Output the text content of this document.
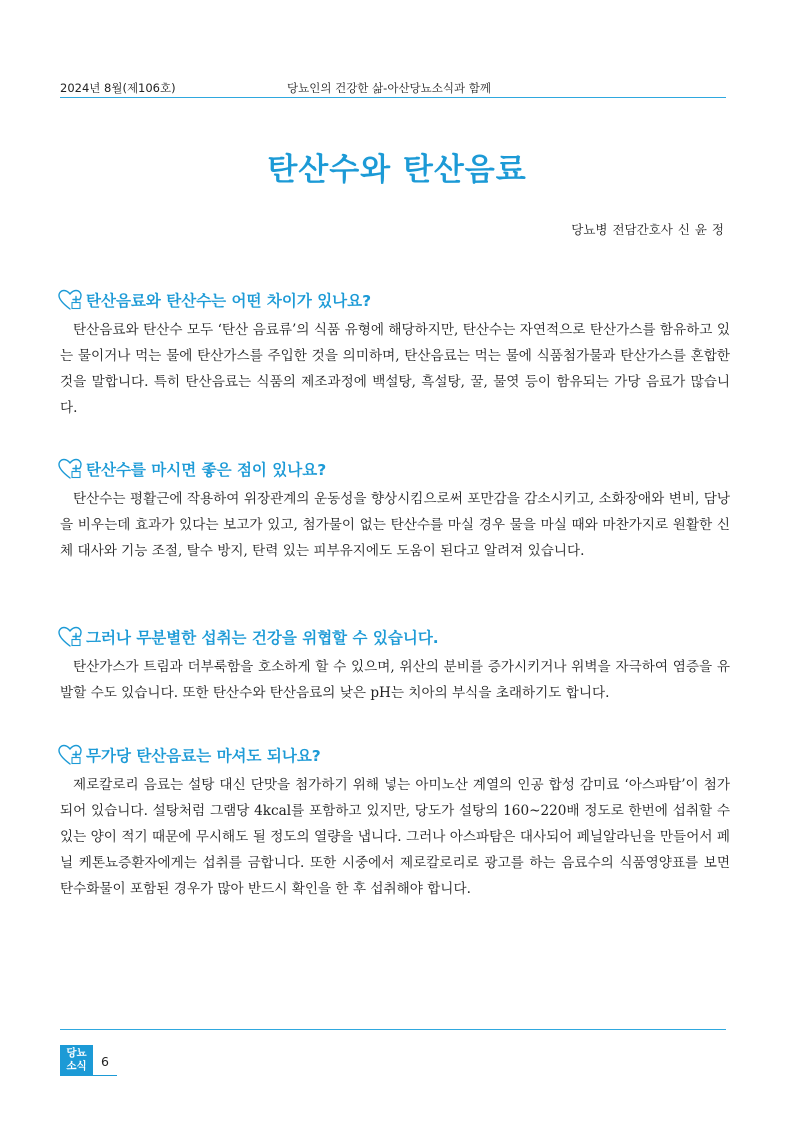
2024년 8월(제106호)	당뇨인의 건강한 삶-아산당뇨소식과 함께
탄산수와 탄산음료
당뇨병 전담간호사 신 윤 정
탄산음료와 탄산수는 어떤 차이가 있나요?

탄산음료와 탄산수 모두 ‘탄산 음료류’의 식품 유형에 해당하지만, 탄산수는 자연적으로 탄산가스를 함유하고 있는 물이거나 먹는 물에 탄산가스를 주입한 것을 의미하며, 탄산음료는 먹는 물에 식품첨가물과 탄산가스를 혼합한 것을 말합니다. 특히 탄산음료는 식품의 제조과정에 백설탕, 흑설탕, 꿀, 물엿 등이 함유되는 가당 음료가 많습니다.

탄산수를 마시면 좋은 점이 있나요?

탄산수는 평활근에 작용하여 위장관계의 운동성을 향상시킴으로써 포만감을 감소시키고, 소화장애와 변비, 담낭을 비우는데 효과가 있다는 보고가 있고, 첨가물이 없는 탄산수를 마실 경우 물을 마실 때와 마찬가지로 원활한 신체 대사와 기능 조절, 탈수 방지, 탄력 있는 피부유지에도 도움이 된다고 알려져 있습니다.

그러나 무분별한 섭취는 건강을 위협할 수 있습니다.

탄산가스가 트림과 더부룩함을 호소하게 할 수 있으며, 위산의 분비를 증가시키거나 위벽을 자극하여 염증을 유발할 수도 있습니다. 또한 탄산수와 탄산음료의 낮은 pH는 치아의 부식을 초래하기도 합니다.

무가당 탄산음료는 마셔도 되나요?

제로칼로리 음료는 설탕 대신 단맛을 첨가하기 위해 넣는 아미노산 계열의 인공 합성 감미료 ‘아스파탐’이 첨가되어 있습니다. 설탕처럼 그램당 4kcal를 포함하고 있지만, 당도가 설탕의 160~220배 정도로 한번에 섭취할 수 있는 양이 적기 때문에 무시해도 될 정도의 열량을 냅니다. 그러나 아스파탐은 대사되어 페닐알라닌을 만들어서 페닐 케톤뇨증환자에게는 섭취를 금합니다. 또한 시중에서 제로칼로리로 광고를 하는 음료수의 식품영양표를 보면 탄수화물이 포함된 경우가 많아 반드시 확인을 한 후 섭취해야 합니다.

당뇨
소식	6
